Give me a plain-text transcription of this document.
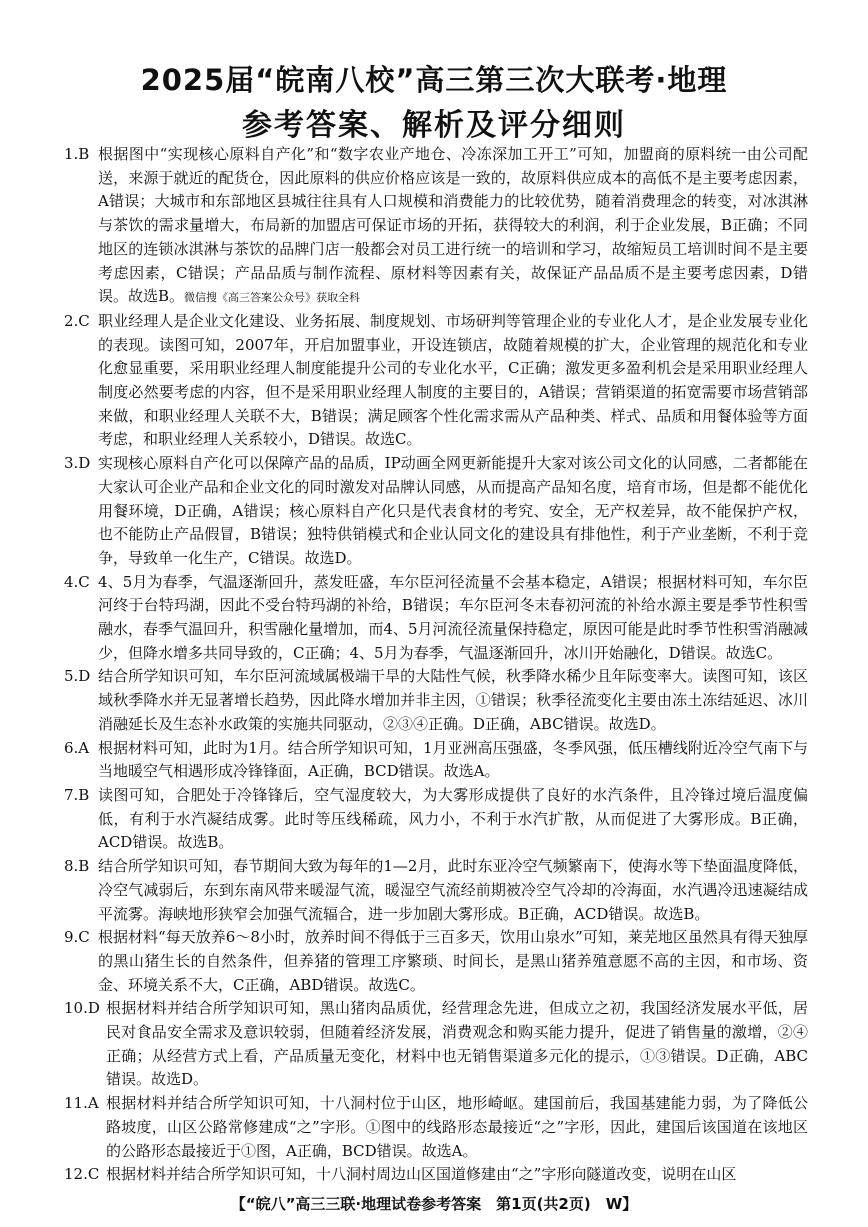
2025届“皖南八校”高三第三次大联考·地理
参考答案、解析及评分细则

1.B 根据图中“实现核心原料自产化”和“数字农业产地仓、冷冻深加工开工”可知，加盟商的原料统一由公司配送，来源于就近的配货仓，因此原料的供应价格应该是一致的，故原料供应成本的高低不是主要考虑因素，A错误；大城市和东部地区县城往往具有人口规模和消费能力的比较优势，随着消费理念的转变，对冰淇淋与茶饮的需求量增大，布局新的加盟店可保证市场的开拓，获得较大的利润，利于企业发展，B正确；不同地区的连锁冰淇淋与茶饮的品牌门店一般都会对员工进行统一的培训和学习，故缩短员工培训时间不是主要考虑因素，C错误；产品品质与制作流程、原材料等因素有关，故保证产品品质不是主要考虑因素，D错误。故选B。微信搜《高三答案公众号》获取全科

2.C 职业经理人是企业文化建设、业务拓展、制度规划、市场研判等管理企业的专业化人才，是企业发展专业化的表现。读图可知，2007年，开启加盟事业，开设连锁店，故随着规模的扩大，企业管理的规范化和专业化愈显重要，采用职业经理人制度能提升公司的专业化水平，C正确；激发更多盈利机会是采用职业经理人制度必然要考虑的内容，但不是采用职业经理人制度的主要目的，A错误；营销渠道的拓宽需要市场营销部来做，和职业经理人关联不大，B错误；满足顾客个性化需求需从产品种类、样式、品质和用餐体验等方面考虑，和职业经理人关系较小，D错误。故选C。

3.D 实现核心原料自产化可以保障产品的品质，IP动画全网更新能提升大家对该公司文化的认同感，二者都能在大家认可企业产品和企业文化的同时激发对品牌认同感，从而提高产品知名度，培育市场，但是都不能优化用餐环境，D正确，A错误；核心原料自产化只是代表食材的考究、安全，无产权差异，故不能保护产权，也不能防止产品假冒，B错误；独特供销模式和企业认同文化的建设具有排他性，利于产业垄断，不利于竞争，导致单一化生产，C错误。故选D。

4.C 4、5月为春季，气温逐渐回升，蒸发旺盛，车尔臣河径流量不会基本稳定，A错误；根据材料可知，车尔臣河终于台特玛湖，因此不受台特玛湖的补给，B错误；车尔臣河冬末春初河流的补给水源主要是季节性积雪融水，春季气温回升，积雪融化量增加，而4、5月河流径流量保持稳定，原因可能是此时季节性积雪消融减少，但降水增多共同导致的，C正确；4、5月为春季，气温逐渐回升，冰川开始融化，D错误。故选C。

5.D 结合所学知识可知，车尔臣河流域属极端干旱的大陆性气候，秋季降水稀少且年际变率大。读图可知，该区域秋季降水并无显著增长趋势，因此降水增加并非主因，①错误；秋季径流变化主要由冻土冻结延迟、冰川消融延长及生态补水政策的实施共同驱动，②③④正确。D正确，ABC错误。故选D。

6.A 根据材料可知，此时为1月。结合所学知识可知，1月亚洲高压强盛，冬季风强，低压槽线附近冷空气南下与当地暖空气相遇形成冷锋锋面，A正确，BCD错误。故选A。

7.B 读图可知，合肥处于冷锋锋后，空气湿度较大，为大雾形成提供了良好的水汽条件，且冷锋过境后温度偏低，有利于水汽凝结成雾。此时等压线稀疏，风力小，不利于水汽扩散，从而促进了大雾形成。B正确，ACD错误。故选B。

8.B 结合所学知识可知，春节期间大致为每年的1—2月，此时东亚冷空气频繁南下，使海水等下垫面温度降低，冷空气减弱后，东到东南风带来暖湿气流，暖湿空气流经前期被冷空气冷却的冷海面，水汽遇冷迅速凝结成平流雾。海峡地形狭窄会加强气流辐合，进一步加剧大雾形成。B正确，ACD错误。故选B。

9.C 根据材料“每天放养6～8小时，放养时间不得低于三百多天，饮用山泉水”可知，莱芜地区虽然具有得天独厚的黑山猪生长的自然条件，但养猪的管理工序繁琐、时间长，是黑山猪养殖意愿不高的主因，和市场、资金、环境关系不大，C正确，ABD错误。故选C。

10.D 根据材料并结合所学知识可知，黑山猪肉品质优，经营理念先进，但成立之初，我国经济发展水平低，居民对食品安全需求及意识较弱，但随着经济发展，消费观念和购买能力提升，促进了销售量的激增，②④正确；从经营方式上看，产品质量无变化，材料中也无销售渠道多元化的提示，①③错误。D正确，ABC错误。故选D。

11.A 根据材料并结合所学知识可知，十八洞村位于山区，地形崎岖。建国前后，我国基建能力弱，为了降低公路坡度，山区公路常修建成“之”字形。①图中的线路形态最接近“之”字形，因此，建国后该国道在该地区的公路形态最接近于①图，A正确，BCD错误。故选A。

12.C 根据材料并结合所学知识可知，十八洞村周边山区国道修建由“之”字形向隧道改变，说明在山区

【“皖八”高三三联·地理试卷参考答案　第1页(共2页)　W】
